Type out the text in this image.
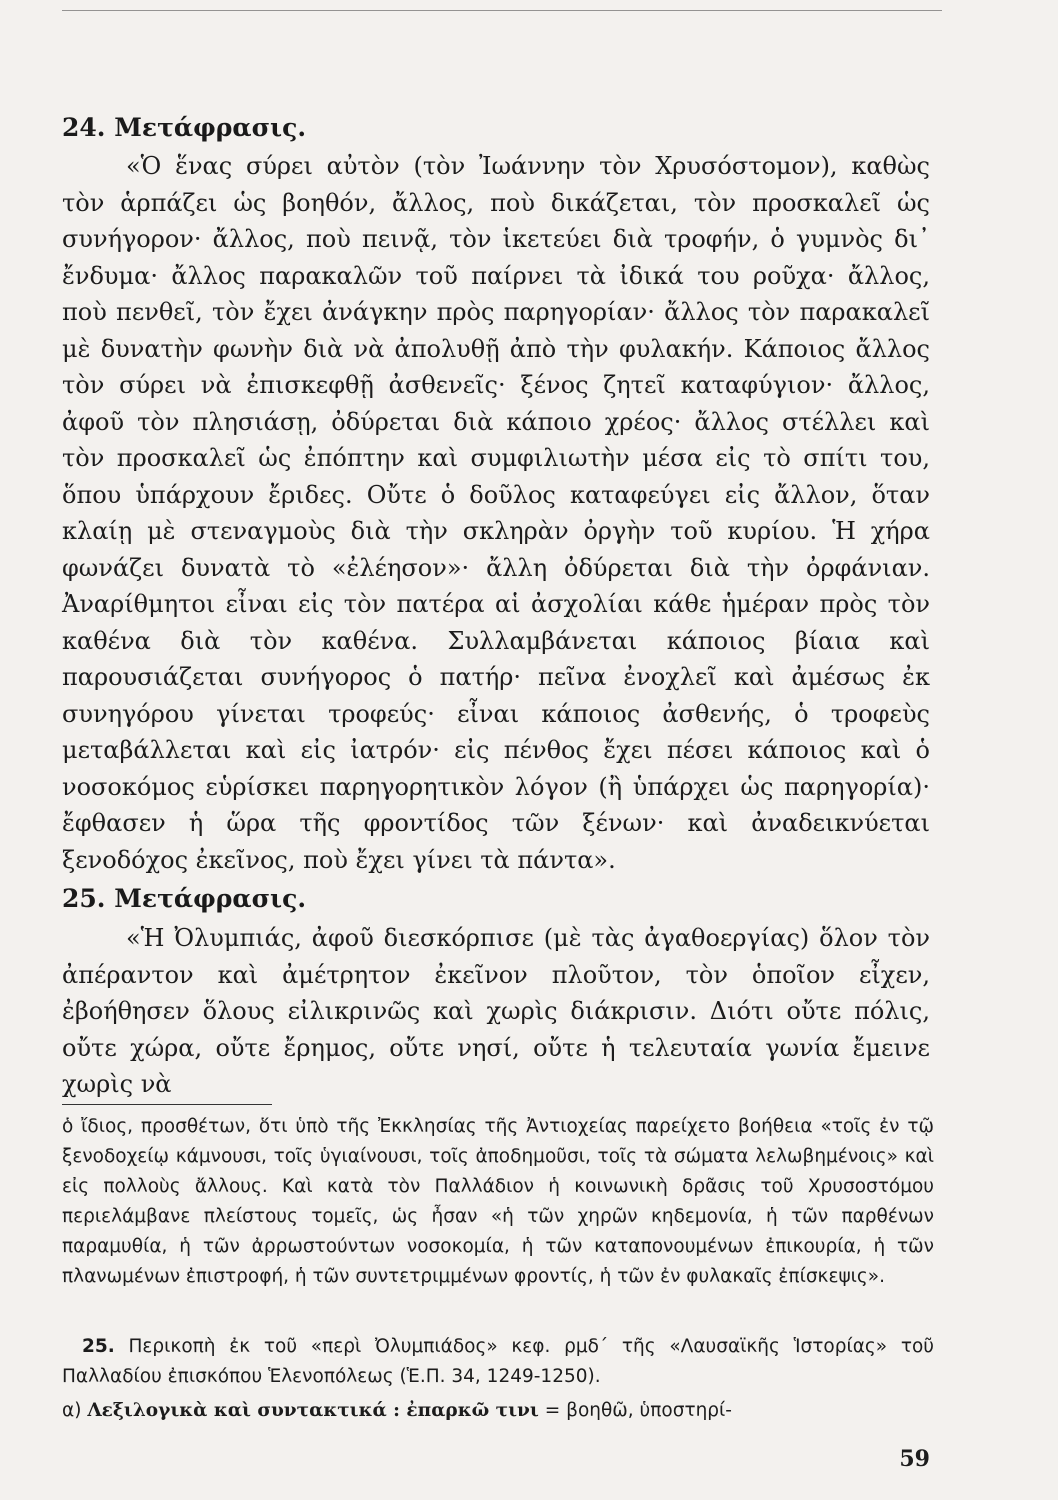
24. Μετάφρασις.

«Ὁ ἕνας σύρει αὐτὸν (τὸν Ἰωάννην τὸν Χρυσόστομον), καθὼς τὸν ἁρπάζει ὡς βοηθόν, ἄλλος, ποὺ δικάζεται, τὸν προσκαλεῖ ὡς συνήγορον· ἄλλος, ποὺ πεινᾷ, τὸν ἱκετεύει διὰ τροφήν, ὁ γυμνὸς δι᾽ ἔνδυμα· ἄλλος παρακαλῶν τοῦ παίρνει τὰ ἰδικά του ροῦχα· ἄλλος, ποὺ πενθεῖ, τὸν ἔχει ἀνάγκην πρὸς παρηγορίαν· ἄλλος τὸν παρακαλεῖ μὲ δυνατὴν φωνὴν διὰ νὰ ἀπολυθῇ ἀπὸ τὴν φυλακήν. Κάποιος ἄλλος τὸν σύρει νὰ ἐπισκεφθῇ ἀσθενεῖς· ξένος ζητεῖ καταφύγιον· ἄλλος, ἀφοῦ τὸν πλησιάσῃ, ὀδύρεται διὰ κάποιο χρέος· ἄλλος στέλλει καὶ τὸν προσκαλεῖ ὡς ἐπόπτην καὶ συμφιλιωτὴν μέσα εἰς τὸ σπίτι του, ὅπου ὑπάρχουν ἔριδες. Οὔτε ὁ δοῦλος καταφεύγει εἰς ἄλλον, ὅταν κλαίῃ μὲ στεναγμοὺς διὰ τὴν σκληρὰν ὀργὴν τοῦ κυρίου. Ἡ χήρα φωνάζει δυνατὰ τὸ «ἐλέησον»· ἄλλη ὀδύρεται διὰ τὴν ὀρφάνιαν. Ἀναρίθμητοι εἶναι εἰς τὸν πατέρα αἱ ἀσχολίαι κάθε ἡμέραν πρὸς τὸν καθένα διὰ τὸν καθένα. Συλλαμβάνεται κάποιος βίαια καὶ παρουσιάζεται συνήγορος ὁ πατήρ· πεῖνα ἐνοχλεῖ καὶ ἀμέσως ἐκ συνηγόρου γίνεται τροφεύς· εἶναι κάποιος ἀσθενής, ὁ τροφεὺς μεταβάλλεται καὶ εἰς ἰατρόν· εἰς πένθος ἔχει πέσει κάποιος καὶ ὁ νοσοκόμος εὑρίσκει παρηγορητικὸν λόγον (ἢ ὑπάρχει ὡς παρηγορία)· ἔφθασεν ἡ ὥρα τῆς φροντίδος τῶν ξένων· καὶ ἀναδεικνύεται ξενοδόχος ἐκεῖνος, ποὺ ἔχει γίνει τὰ πάντα».

25. Μετάφρασις.

«Ἡ Ὀλυμπιάς, ἀφοῦ διεσκόρπισε (μὲ τὰς ἀγαθοεργίας) ὅλον τὸν ἀπέραντον καὶ ἀμέτρητον ἐκεῖνον πλοῦτον, τὸν ὁποῖον εἶχεν, ἐβοήθησεν ὅλους εἰλικρινῶς καὶ χωρὶς διάκρισιν. Διότι οὔτε πόλις, οὔτε χώρα, οὔτε ἔρημος, οὔτε νησί, οὔτε ἡ τελευταία γωνία ἔμεινε χωρὶς νὰ

ὁ ἴδιος, προσθέτων, ὅτι ὑπὸ τῆς Ἐκκλησίας τῆς Ἀντιοχείας παρείχετο βοήθεια «τοῖς ἐν τῷ ξενοδοχείῳ κάμνουσι, τοῖς ὑγιαίνουσι, τοῖς ἀποδημοῦσι, τοῖς τὰ σώματα λελωβημένοις» καὶ εἰς πολλοὺς ἄλλους. Καὶ κατὰ τὸν Παλλάδιον ἡ κοινωνικὴ δρᾶσις τοῦ Χρυσοστόμου περιελάμβανε πλείστους τομεῖς, ὡς ἦσαν «ἡ τῶν χηρῶν κηδεμονία, ἡ τῶν παρθένων παραμυθία, ἡ τῶν ἀρρωστούντων νοσοκομία, ἡ τῶν καταπονουμένων ἐπικουρία, ἡ τῶν πλανωμένων ἐπιστροφή, ἡ τῶν συντετριμμένων φροντίς, ἡ τῶν ἐν φυλακαῖς ἐπίσκεψις».

25. Περικοπὴ ἐκ τοῦ «περὶ Ὀλυμπιάδος» κεφ. ρμδ´ τῆς «Λαυσαϊκῆς Ἱστορίας» τοῦ Παλλαδίου ἐπισκόπου Ἑλενοπόλεως (Ἑ.Π. 34, 1249-1250).

α) Λεξιλογικὰ καὶ συντακτικά : ἐπαρκῶ τινι = βοηθῶ, ὑποστηρί-

59
